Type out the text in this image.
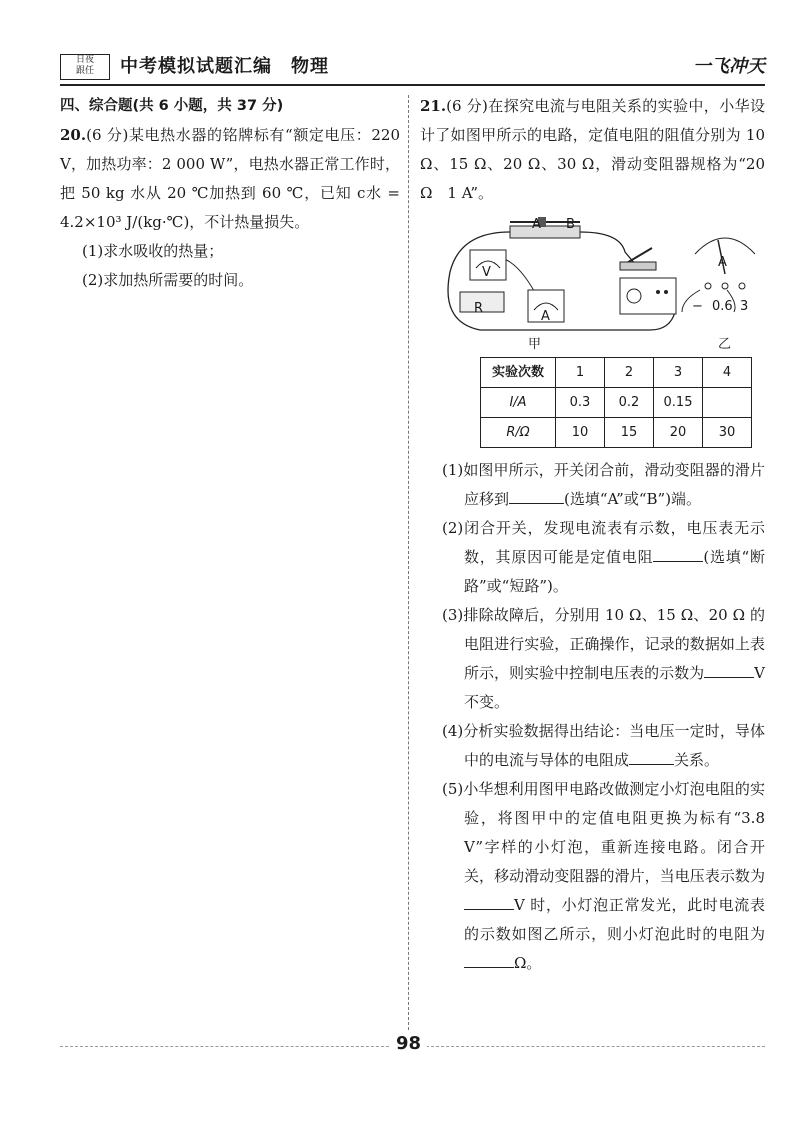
日夜
跟任	中考模拟试题汇编　物理	一飞冲天

四、综合题(共 6 小题，共 37 分)

20.(6 分)某电热水器的铭牌标有“额定电压：220 V，加热功率：2 000 W”，电热水器正常工作时，把 50 kg 水从 20 ℃加热到 60 ℃，已知 c水 = 4.2×10³ J/(kg·℃)，不计热量损失。

(1)求水吸收的热量；

(2)求加热所需要的时间。

21.(6 分)在探究电流与电阻关系的实验中，小华设计了如图甲所示的电路，定值电阻的阻值分别为 10 Ω、15 Ω、20 Ω、30 Ω，滑动变阻器规格为“20 Ω　1 A”。

A B
R
V
A
A
− 0.6 3
甲	乙
实验次数	1	2	3	4
I/A	0.3	0.2	0.15	
R/Ω	10	15	20	30

(1)如图甲所示，开关闭合前，滑动变阻器的滑片应移到	(选填“A”或“B”)端。

(2)闭合开关，发现电流表有示数，电压表无示数，其原因可能是定值电阻	(选填“断路”或“短路”)。

(3)排除故障后，分别用 10 Ω、15 Ω、20 Ω 的电阻进行实验，正确操作，记录的数据如上表所示，则实验中控制电压表的示数为	V 不变。

(4)分析实验数据得出结论：当电压一定时，导体中的电流与导体的电阻成	关系。

(5)小华想利用图甲电路改做测定小灯泡电阻的实验，将图甲中的定值电阻更换为标有“3.8 V”字样的小灯泡，重新连接电路。闭合开关，移动滑动变阻器的滑片，当电压表示数为V 时，小灯泡正常发光，此时电流表的示数如图乙所示，则小灯泡此时的电阻为Ω。

98
